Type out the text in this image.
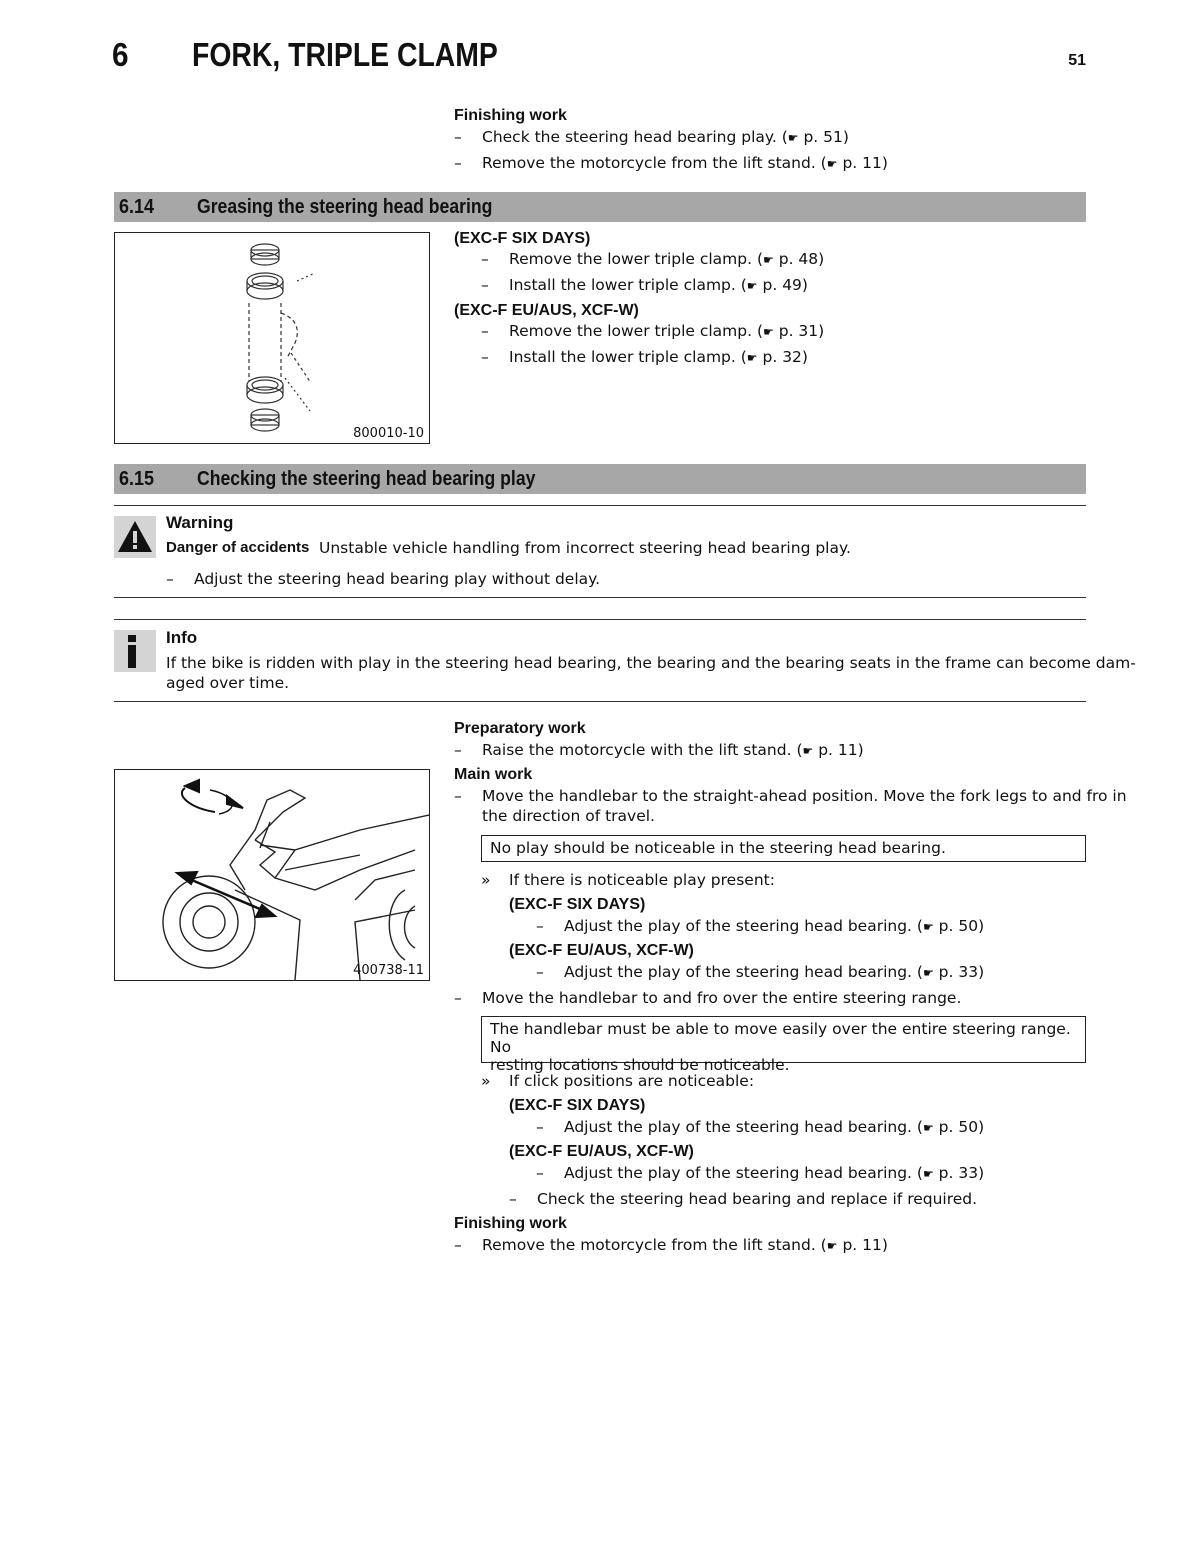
6 FORK, TRIPLE CLAMP	51
Finishing work
– Check the steering head bearing play. (☛ p. 51)
– Remove the motorcycle from the lift stand. (☛ p. 11)
6.14 Greasing the steering head bearing
800010-10
(EXC-F SIX DAYS)
– Remove the lower triple clamp. (☛ p. 48)
– Install the lower triple clamp. (☛ p. 49)
(EXC-F EU/AUS, XCF-W)
– Remove the lower triple clamp. (☛ p. 31)
– Install the lower triple clamp. (☛ p. 32)
6.15 Checking the steering head bearing play
Warning
Danger of accidents Unstable vehicle handling from incorrect steering head bearing play.
– Adjust the steering head bearing play without delay.
Info
If the bike is ridden with play in the steering head bearing, the bearing and the bearing seats in the frame can become dam-
aged over time.
400738-11
Preparatory work
– Raise the motorcycle with the lift stand. (☛ p. 11)
Main work
– Move the handlebar to the straight-ahead position. Move the fork legs to and fro in
the direction of travel.
No play should be noticeable in the steering head bearing.
» If there is noticeable play present:
(EXC-F SIX DAYS)
– Adjust the play of the steering head bearing. (☛ p. 50)
(EXC-F EU/AUS, XCF-W)
– Adjust the play of the steering head bearing. (☛ p. 33)
– Move the handlebar to and fro over the entire steering range.
The handlebar must be able to move easily over the entire steering range. No
resting locations should be noticeable.
» If click positions are noticeable:
(EXC-F SIX DAYS)
– Adjust the play of the steering head bearing. (☛ p. 50)
(EXC-F EU/AUS, XCF-W)
– Adjust the play of the steering head bearing. (☛ p. 33)
– Check the steering head bearing and replace if required.
Finishing work
– Remove the motorcycle from the lift stand. (☛ p. 11)
